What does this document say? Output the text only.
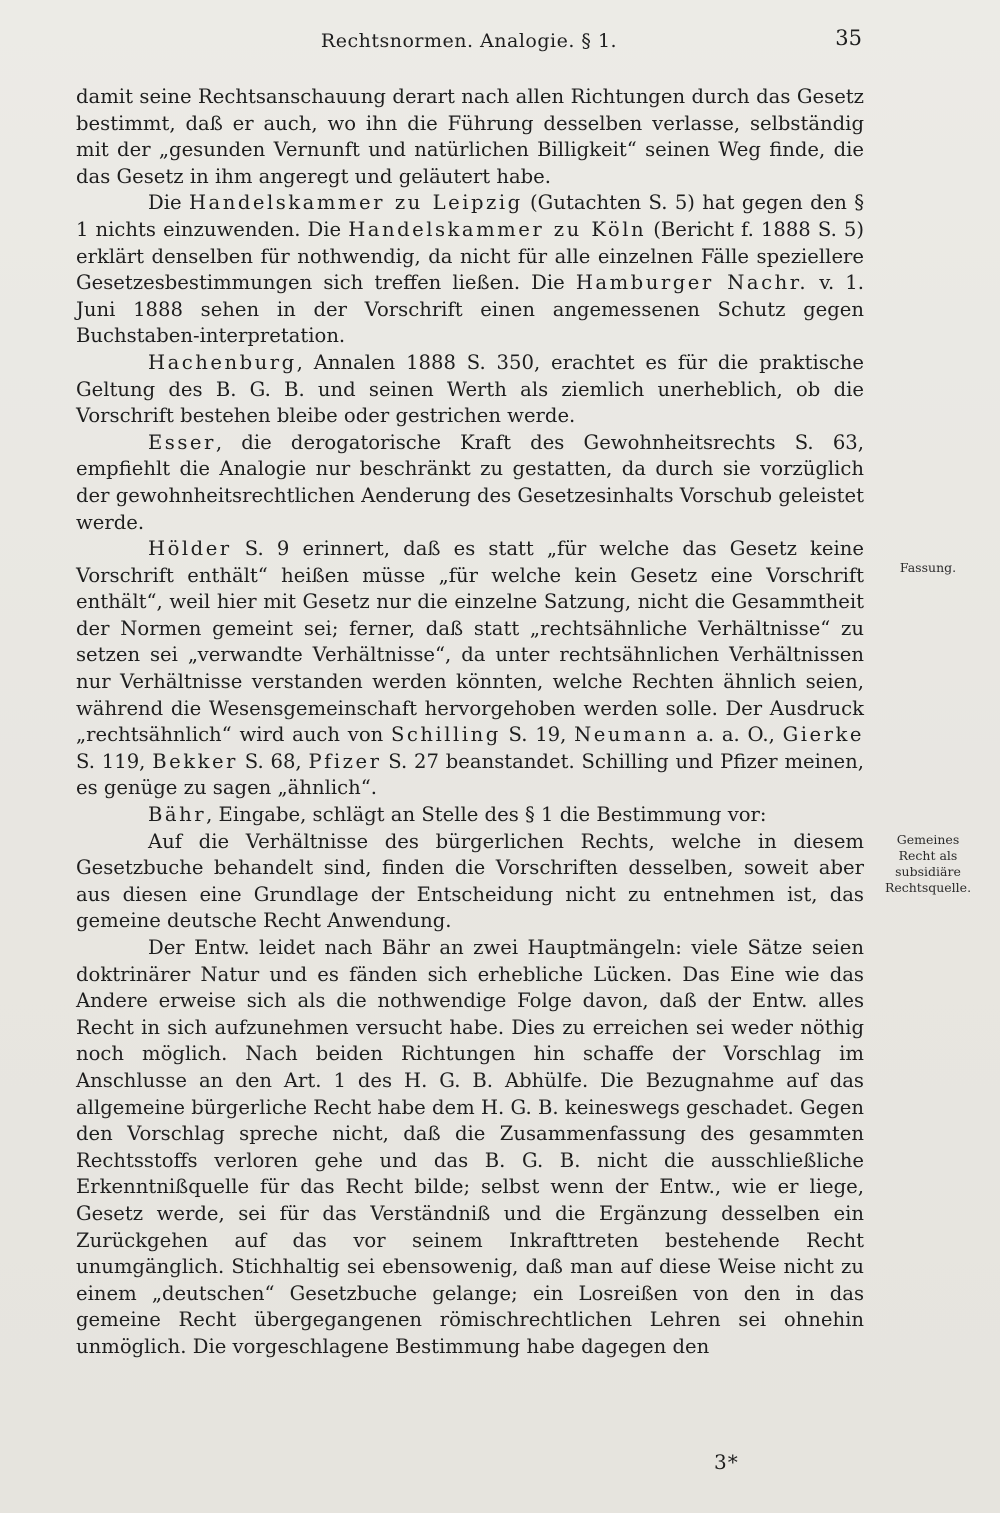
Rechtsnormen. Analogie. § 1.	35

damit seine Rechtsanschauung derart nach allen Richtungen durch das Gesetz bestimmt, daß er auch, wo ihn die Führung desselben verlasse, selbständig mit der „gesunden Vernunft und natürlichen Billigkeit“ seinen Weg finde, die das Gesetz in ihm angeregt und geläutert habe.

Die Handelskammer zu Leipzig (Gutachten S. 5) hat gegen den § 1 nichts einzuwenden. Die Handelskammer zu Köln (Bericht f. 1888 S. 5) erklärt denselben für nothwendig, da nicht für alle einzelnen Fälle speziellere Gesetzesbestimmungen sich treffen ließen. Die Hamburger Nachr. v. 1. Juni 1888 sehen in der Vorschrift einen angemessenen Schutz gegen Buchstaben-interpretation.

Hachenburg, Annalen 1888 S. 350, erachtet es für die praktische Geltung des B. G. B. und seinen Werth als ziemlich unerheblich, ob die Vorschrift bestehen bleibe oder gestrichen werde.

Esser, die derogatorische Kraft des Gewohnheitsrechts S. 63, empfiehlt die Analogie nur beschränkt zu gestatten, da durch sie vorzüglich der gewohnheitsrechtlichen Aenderung des Gesetzesinhalts Vorschub geleistet werde.

Hölder S. 9 erinnert, daß es statt „für welche das Gesetz keine Vorschrift enthält“ heißen müsse „für welche kein Gesetz eine Vorschrift enthält“, weil hier mit Gesetz nur die einzelne Satzung, nicht die Gesammtheit der Normen gemeint sei; ferner, daß statt „rechtsähnliche Verhältnisse“ zu setzen sei „verwandte Verhältnisse“, da unter rechtsähnlichen Verhältnissen nur Verhältnisse verstanden werden könnten, welche Rechten ähnlich seien, während die Wesensgemeinschaft hervorgehoben werden solle. Der Ausdruck „rechtsähnlich“ wird auch von Schilling S. 19, Neumann a. a. O., Gierke S. 119, Bekker S. 68, Pfizer S. 27 beanstandet. Schilling und Pfizer meinen, es genüge zu sagen „ähnlich“.

Bähr, Eingabe, schlägt an Stelle des § 1 die Bestimmung vor:

Auf die Verhältnisse des bürgerlichen Rechts, welche in diesem Gesetzbuche behandelt sind, finden die Vorschriften desselben, soweit aber aus diesen eine Grundlage der Entscheidung nicht zu entnehmen ist, das gemeine deutsche Recht Anwendung.

Der Entw. leidet nach Bähr an zwei Hauptmängeln: viele Sätze seien doktrinärer Natur und es fänden sich erhebliche Lücken. Das Eine wie das Andere erweise sich als die nothwendige Folge davon, daß der Entw. alles Recht in sich aufzunehmen versucht habe. Dies zu erreichen sei weder nöthig noch möglich. Nach beiden Richtungen hin schaffe der Vorschlag im Anschlusse an den Art. 1 des H. G. B. Abhülfe. Die Bezugnahme auf das allgemeine bürgerliche Recht habe dem H. G. B. keineswegs geschadet. Gegen den Vorschlag spreche nicht, daß die Zusammenfassung des gesammten Rechtsstoffs verloren gehe und das B. G. B. nicht die ausschließliche Erkenntnißquelle für das Recht bilde; selbst wenn der Entw., wie er liege, Gesetz werde, sei für das Verständniß und die Ergänzung desselben ein Zurückgehen auf das vor seinem Inkrafttreten bestehende Recht unumgänglich. Stichhaltig sei ebensowenig, daß man auf diese Weise nicht zu einem „deutschen“ Gesetzbuche gelange; ein Losreißen von den in das gemeine Recht übergegangenen römischrechtlichen Lehren sei ohnehin unmöglich. Die vorgeschlagene Bestimmung habe dagegen den

Fassung.
Gemeines
Recht als
subsidiäre
Rechtsquelle.
3*
